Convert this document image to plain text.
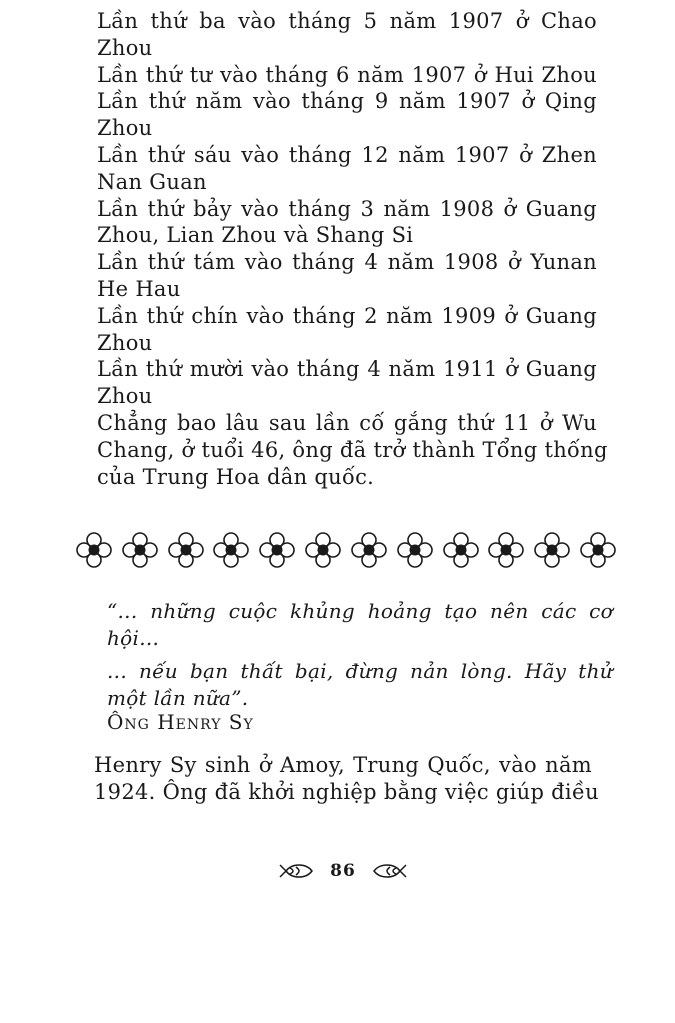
Lần thứ ba vào tháng 5 năm 1907 ở Chao
Zhou
Lần thứ tư vào tháng 6 năm 1907 ở Hui Zhou
Lần thứ năm vào tháng 9 năm 1907 ở Qing
Zhou
Lần thứ sáu vào tháng 12 năm 1907 ở Zhen
Nan Guan
Lần thứ bảy vào tháng 3 năm 1908 ở Guang
Zhou, Lian Zhou và Shang Si
Lần thứ tám vào tháng 4 năm 1908 ở Yunan
He Hau
Lần thứ chín vào tháng 2 năm 1909 ở Guang
Zhou
Lần thứ mười vào tháng 4 năm 1911 ở Guang
Zhou
Chẳng bao lâu sau lần cố gắng thứ 11 ở Wu
Chang, ở tuổi 46, ông đã trở thành Tổng thống
của Trung Hoa dân quốc.
“... những cuộc khủng hoảng tạo nên các cơ
hội...
... nếu bạn thất bại, đừng nản lòng. Hãy thử
một lần nữa”.
Ông Henry Sy
Henry Sy sinh ở Amoy, Trung Quốc, vào năm
1924. Ông đã khởi nghiệp bằng việc giúp điều
86
